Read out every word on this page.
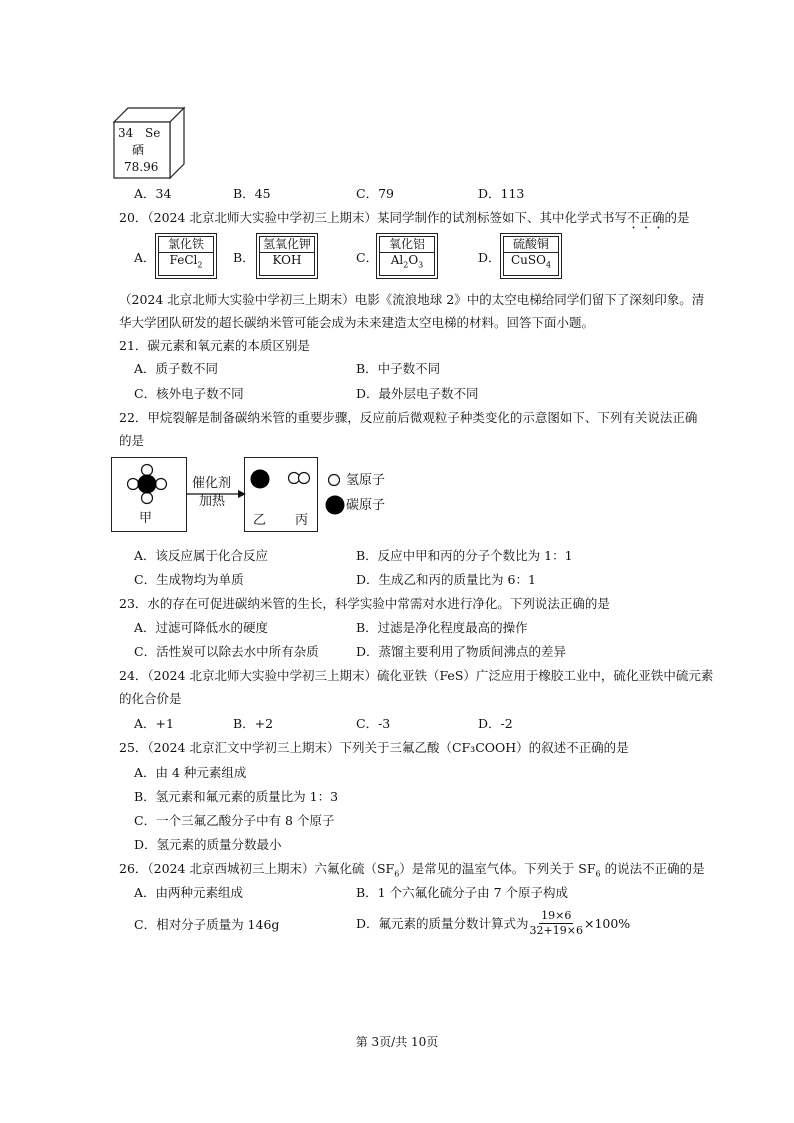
34 Se
硒
78.96
A．34	B．45	C．79	D．113
20．（2024 北京北师大实验中学初三上期末）某同学制作的试剂标签如下、其中化学式书写不正确的是
A．
氯化铁
FeCl$_2$	B．
氢氧化钾
KOH	C．
氧化铝
$Al_2O_3$	D．
硫酸铜
CuSO$_4$
（2024 北京北师大实验中学初三上期末）电影《流浪地球 2》中的太空电梯给同学们留下了深刻印象。清
华大学团队研发的超长碳纳米管可能会成为未来建造太空电梯的材料。回答下面小题。
21．碳元素和氧元素的本质区别是
A．质子数不同	B．中子数不同
C．核外电子数不同	D．最外层电子数不同
22．甲烷裂解是制备碳纳米管的重要步骤，反应前后微观粒子种类变化的示意图如下、下列有关说法正确
的是
甲
催化剂
加热
乙 丙
氢原子
碳原子
A．该反应属于化合反应	B．反应中甲和丙的分子个数比为 1：1
C．生成物均为单质	D．生成乙和丙的质量比为 6：1
23．水的存在可促进碳纳米管的生长，科学实验中常需对水进行净化。下列说法正确的是
A．过滤可降低水的硬度	B．过滤是净化程度最高的操作
C．活性炭可以除去水中所有杂质	D．蒸馏主要利用了物质间沸点的差异
24．（2024 北京北师大实验中学初三上期末）硫化亚铁（FeS）广泛应用于橡胶工业中，硫化亚铁中硫元素
的化合价是
A．+1	B．+2	C．-3	D．-2
25．（2024 北京汇文中学初三上期末）下列关于三氟乙酸（CF₃COOH）的叙述不正确的是
A．由 4 种元素组成
B．氢元素和氟元素的质量比为 1：3
C．一个三氟乙酸分子中有 8 个原子
D．氢元素的质量分数最小
26．（2024 北京西城初三上期末）六氟化硫$(SF_6)$是常见的温室气体。下列关于 $SF_6$ 的说法不正确的是
A．由两种元素组成	B．1 个六氟化硫分子由 7 个原子构成
C．相对分子质量为 146g	D．氟元素的质量分数计算式为 $\frac{19\times 6}{32+19\times 6} \times 100\%$
第 3页/共 10页
